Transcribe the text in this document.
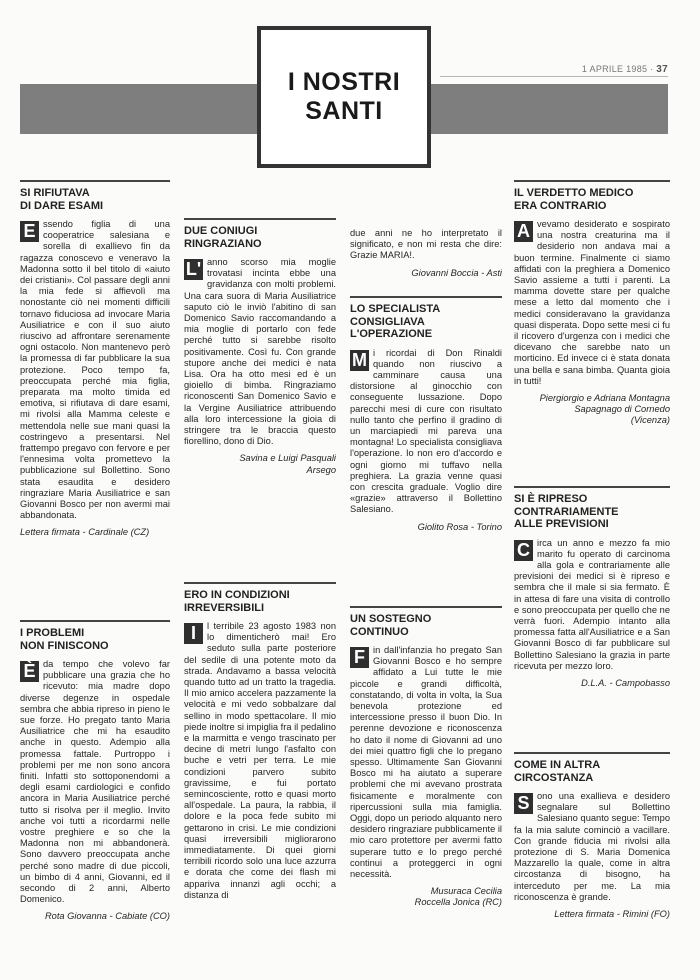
1 APRILE 1985 · 37
I NOSTRI
SANTI
SI RIFIUTAVA
DI DARE ESAMI

E ssendo figlia di una cooperatrice salesiana e sorella di exallievo fin da ragazza conoscevo e veneravo la Madonna sotto il bel titolo di «aiuto dei cristiani». Col passare degli anni la mia fede si affievolì ma nonostante ciò nei momenti difficili tornavo fiduciosa ad invocare Maria Ausiliatrice e con il suo aiuto riuscivo ad affrontare serenamente ogni ostacolo. Non mantenevo però la promessa di far pubblicare la sua protezione. Poco tempo fa, preoccupata perché mia figlia, preparata ma molto timida ed emotiva, si rifiutava di dare esami, mi rivolsi alla Mamma celeste e mettendola nelle sue mani quasi la costringevo a presentarsi. Nel frattempo pregavo con fervore e per l'ennesima volta promettevo la pubblicazione sul Bollettino. Sono stata esaudita e desidero ringraziare Maria Ausiliatrice e san Giovanni Bosco per non avermi mai abbandonata.

Lettera firmata - Cardinale (CZ)
I PROBLEMI
NON FINISCONO

È da tempo che volevo far pubblicare una grazia che ho ricevuto: mia madre dopo diverse degenze in ospedale sembra che abbia ripreso in pieno le sue forze. Ho pregato tanto Maria Ausiliatrice che mi ha esaudito anche in questo. Adempio alla promessa fattale. Purtroppo i problemi per me non sono ancora finiti. Infatti sto sottoponendomi a degli esami cardiologici e confido ancora in Maria Ausiliatrice perché tutto si risolva per il meglio. Invito anche voi tutti a ricordarmi nelle vostre preghiere e so che la Madonna non mi abbandonerà. Sono davvero preoccupata anche perché sono madre di due piccoli, un bimbo di 4 anni, Giovanni, ed il secondo di 2 anni, Alberto Domenico.

Rota Giovanna - Cabiate (CO)
DUE CONIUGI
RINGRAZIANO

L' anno scorso mia moglie trovatasi incinta ebbe una gravidanza con molti problemi. Una cara suora di Maria Ausiliatrice saputo ciò le inviò l'abitino di san Domenico Savio raccomandando a mia moglie di portarlo con fede perché tutto si sarebbe risolto positivamente. Così fu. Con grande stupore anche dei medici è nata Lisa. Ora ha otto mesi ed è un gioiello di bimba. Ringraziamo riconoscenti San Domenico Savio e la Vergine Ausiliatrice attribuendo alla loro intercessione la gioia di stringere tra le braccia questo fiorellino, dono di Dio.

Savina e Luigi Pasquali
Arsego
ERO IN CONDIZIONI
IRREVERSIBILI

I	l terribile 23 agosto 1983 non lo dimenticherò mai! Ero seduto sulla parte posteriore del sedile di una potente moto da strada. Andavamo a bassa velocità quando tutto ad un tratto la tragedia. Il mio amico accelera pazzamente la velocità e mi vedo sobbalzare dal sellino in modo spettacolare. Il mio piede inoltre si impiglia fra il pedalino e la marmitta e vengo trascinato per decine di metri lungo l'asfalto con buche e vetri per terra. Le mie condizioni parvero subito gravissime, e fui portato semincosciente, rotto e quasi morto all'ospedale. La paura, la rabbia, il dolore e la poca fede subito mi gettarono in crisi. Le mie condizioni quasi irreversibili migliorarono immediatamente. Di quei giorni terribili ricordo solo una luce azzurra e dorata che come dei flash mi appariva innanzi agli occhi; a distanza di

due anni ne ho interpretato il significato, e non mi resta che dire: Grazie MARIA!.

Giovanni Boccia - Asti
LO SPECIALISTA
CONSIGLIAVA
L'OPERAZIONE

M i ricordai di Don Rinaldi quando non riuscivo a camminare causa una distorsione al ginocchio con conseguente lussazione. Dopo parecchi mesi di cure con risultato nullo tanto che perfino il gradino di un marciapiedi mi pareva una montagna! Lo specialista consigliava l'operazione. Io non ero d'accordo e ogni giorno mi tuffavo nella preghiera. La grazia venne quasi con crescita graduale. Voglio dire «grazie» attraverso il Bollettino Salesiano.

Giolito Rosa - Torino
UN SOSTEGNO
CONTINUO

F in dall'infanzia ho pregato San Giovanni Bosco e ho sempre affidato a Lui tutte le mie piccole e grandi difficoltà, constatando, di volta in volta, la Sua benevola protezione ed intercessione presso il buon Dio. In perenne devozione e riconoscenza ho dato il nome di Giovanni ad uno dei miei quattro figli che lo pregano spesso. Ultimamente San Giovanni Bosco mi ha aiutato a superare problemi che mi avevano prostrata fisicamente e moralmente con ripercussioni sulla mia famiglia. Oggi, dopo un periodo alquanto nero desidero ringraziare pubblicamente il mio caro protettore per avermi fatto superare tutto e lo prego perché continui a proteggerci in ogni necessità.

Musuraca Cecilia
Roccella Jonica (RC)
IL VERDETTO MEDICO
ERA CONTRARIO

A vevamo desiderato e sospirato una nostra creaturina ma il desiderio non andava mai a buon termine. Finalmente ci siamo affidati con la preghiera a Domenico Savio assieme a tutti i parenti. La mamma dovette stare per qualche mese a letto dal momento che i medici consideravano la gravidanza quasi disperata. Dopo sette mesi ci fu il ricovero d'urgenza con i medici che dicevano che sarebbe nato un morticino. Ed invece ci è stata donata una bella e sana bimba. Quanta gioia in tutti!

Piergiorgio e Adriana Montagna
Sapagnago di Cornedo
(Vicenza)
SI È RIPRESO
CONTRARIAMENTE
ALLE PREVISIONI

C irca un anno e mezzo fa mio marito fu operato di carcinoma alla gola e contrariamente alle previsioni dei medici si è ripreso e sembra che il male si sia fermato. È in attesa di fare una visita di controllo e sono preoccupata per quello che ne verrà fuori. Adempio intanto alla promessa fatta all'Ausiliatrice e a San Giovanni Bosco di far pubblicare sul Bollettino Salesiano la grazia in parte ricevuta per mezzo loro.

D.L.A. - Campobasso
COME IN ALTRA
CIRCOSTANZA

S ono una exallieva e desidero segnalare sul Bollettino Salesiano quanto segue: Tempo fa la mia salute cominciò a vacillare. Con grande fiducia mi rivolsi alla protezione di S. Maria Domenica Mazzarello la quale, come in altra circostanza di bisogno, ha interceduto per me. La mia riconoscenza è grande.

Lettera firmata - Rimini (FO)
